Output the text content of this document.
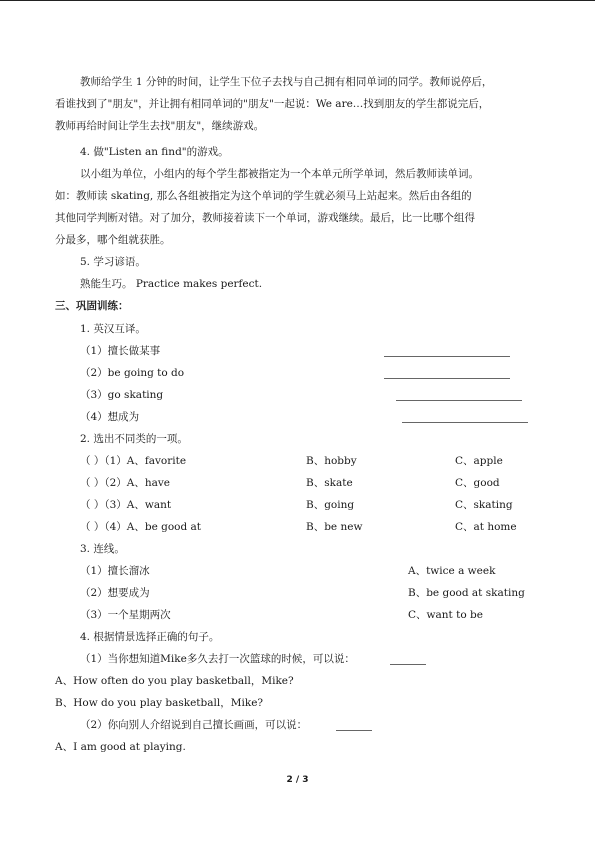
教师给学生 1 分钟的时间，让学生下位子去找与自己拥有相同单词的同学。教师说停后，
看谁找到了"朋友"，并让拥有相同单词的"朋友"一起说：We are…找到朋友的学生都说完后，
教师再给时间让学生去找"朋友"，继续游戏。
4. 做"Listen an find"的游戏。
以小组为单位，小组内的每个学生都被指定为一个本单元所学单词，然后教师读单词。
如：教师读 skating, 那么各组被指定为这个单词的学生就必须马上站起来。然后由各组的
其他同学判断对错。对了加分，教师接着读下一个单词，游戏继续。最后，比一比哪个组得
分最多，哪个组就获胜。
5. 学习谚语。
熟能生巧。 Practice makes perfect.
三、巩固训练：
1. 英汉互译。
（1）擅长做某事
（2）be going to do
（3）go skating
（4）想成为
2. 选出不同类的一项。
（ ）（1）A、favorite	B、hobby	C、apple
（ ）（2）A、have	B、skate	C、good
（ ）（3）A、want	B、going	C、skating
（ ）（4）A、be good at	B、be new	C、at home
3. 连线。
（1）擅长溜冰	A、twice a week
（2）想要成为	B、be good at skating
（3）一个星期两次	C、want to be
4. 根据情景选择正确的句子。
（1）当你想知道Mike多久去打一次篮球的时候，可以说：
A、How often do you play basketball，Mike?
B、How do you play basketball，Mike?
（2）你向别人介绍说到自己擅长画画，可以说：
A、I am good at playing.
2 / 3
